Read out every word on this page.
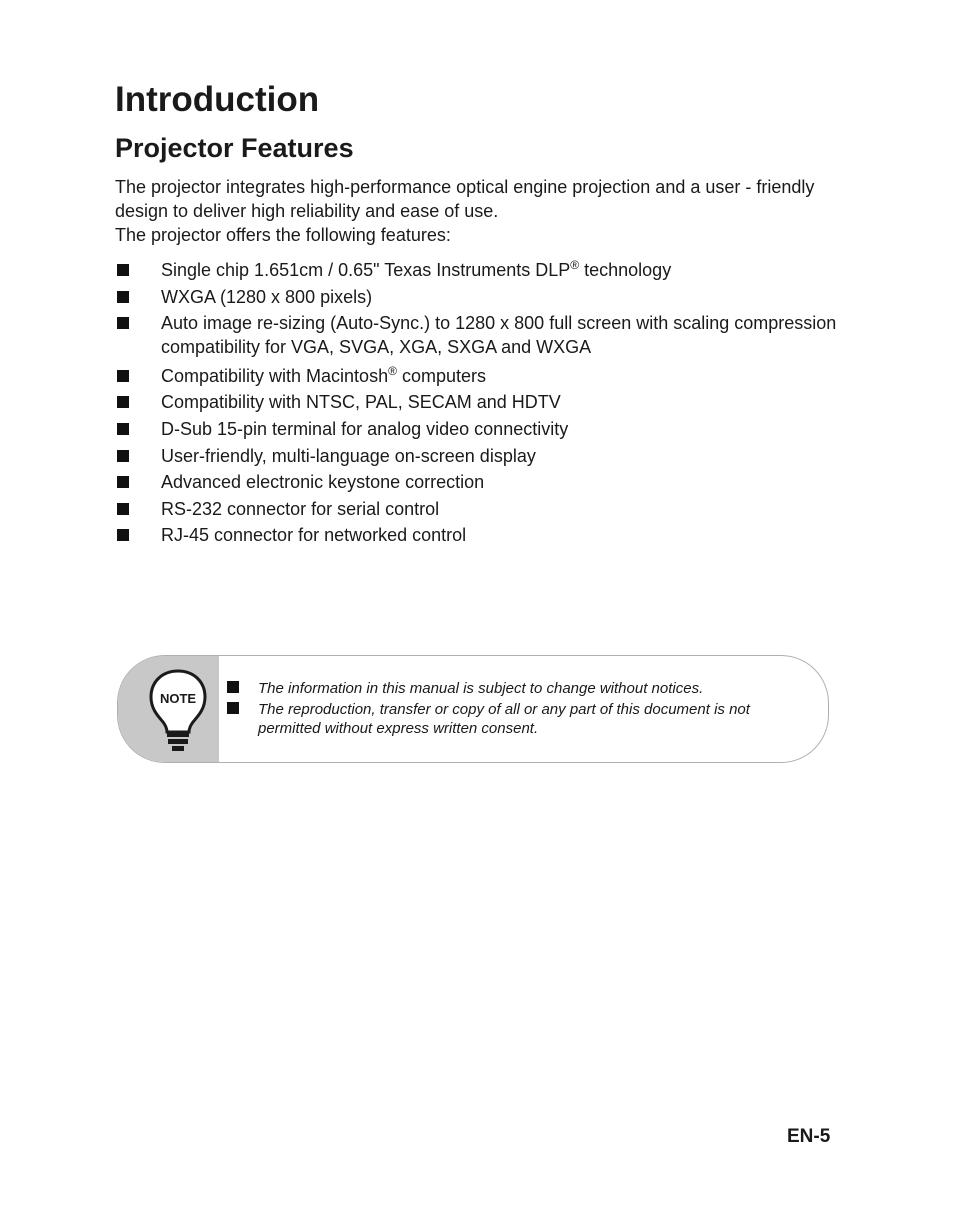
Introduction
Projector Features

The projector integrates high-performance optical engine projection and a user - friendly design to deliver high reliability and ease of use.

The projector offers the following features:

Single chip 1.651cm / 0.65" Texas Instruments DLP® technology
WXGA (1280 x 800 pixels)
Auto image re-sizing (Auto-Sync.) to 1280 x 800 full screen with scaling compression compatibility for VGA, SVGA, XGA, SXGA and WXGA
Compatibility with Macintosh® computers
Compatibility with NTSC, PAL, SECAM and HDTV
D-Sub 15-pin terminal for analog video connectivity
User-friendly, multi-language on-screen display
Advanced electronic keystone correction
RS-232 connector for serial control
RJ-45 connector for networked control
NOTE
The information in this manual is subject to change without notices.
The reproduction, transfer or copy of all or any part of this document is not permitted without express written consent.
EN-5
